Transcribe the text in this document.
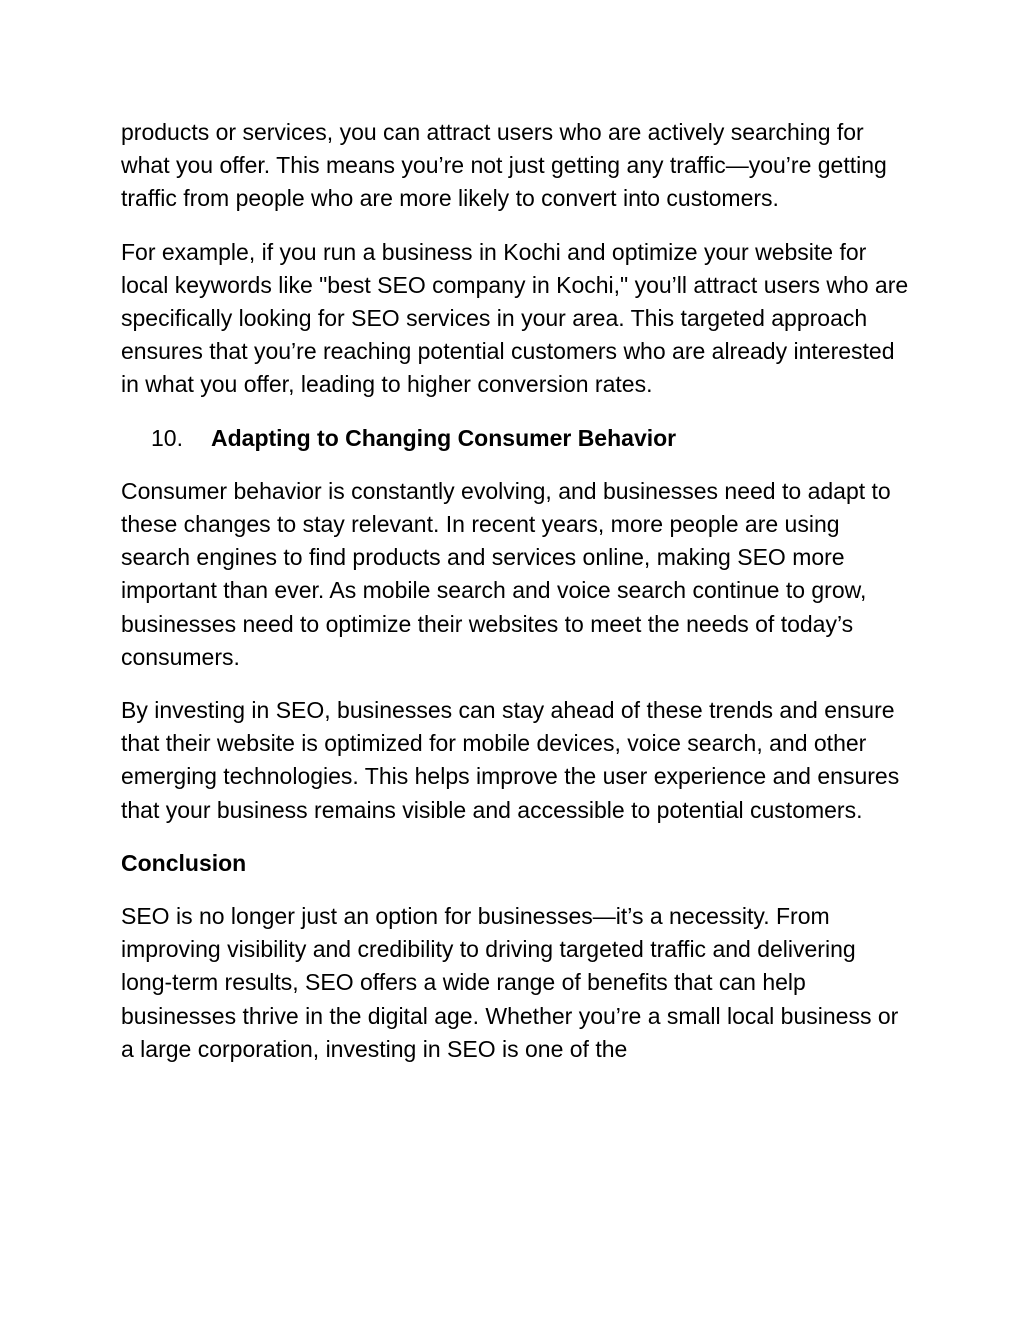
products or services, you can attract users who are actively searching for what you offer. This means you’re not just getting any traffic—you’re getting traffic from people who are more likely to convert into customers.

For example, if you run a business in Kochi and optimize your website for local keywords like "best SEO company in Kochi," you’ll attract users who are specifically looking for SEO services in your area. This targeted approach ensures that you’re reaching potential customers who are already interested in what you offer, leading to higher conversion rates.

10.	Adapting to Changing Consumer Behavior

Consumer behavior is constantly evolving, and businesses need to adapt to these changes to stay relevant. In recent years, more people are using search engines to find products and services online, making SEO more important than ever. As mobile search and voice search continue to grow, businesses need to optimize their websites to meet the needs of today’s consumers.

By investing in SEO, businesses can stay ahead of these trends and ensure that their website is optimized for mobile devices, voice search, and other emerging technologies. This helps improve the user experience and ensures that your business remains visible and accessible to potential customers.

Conclusion

SEO is no longer just an option for businesses—it’s a necessity. From improving visibility and credibility to driving targeted traffic and delivering long-term results, SEO offers a wide range of benefits that can help businesses thrive in the digital age. Whether you’re a small local business or a large corporation, investing in SEO is one of the
